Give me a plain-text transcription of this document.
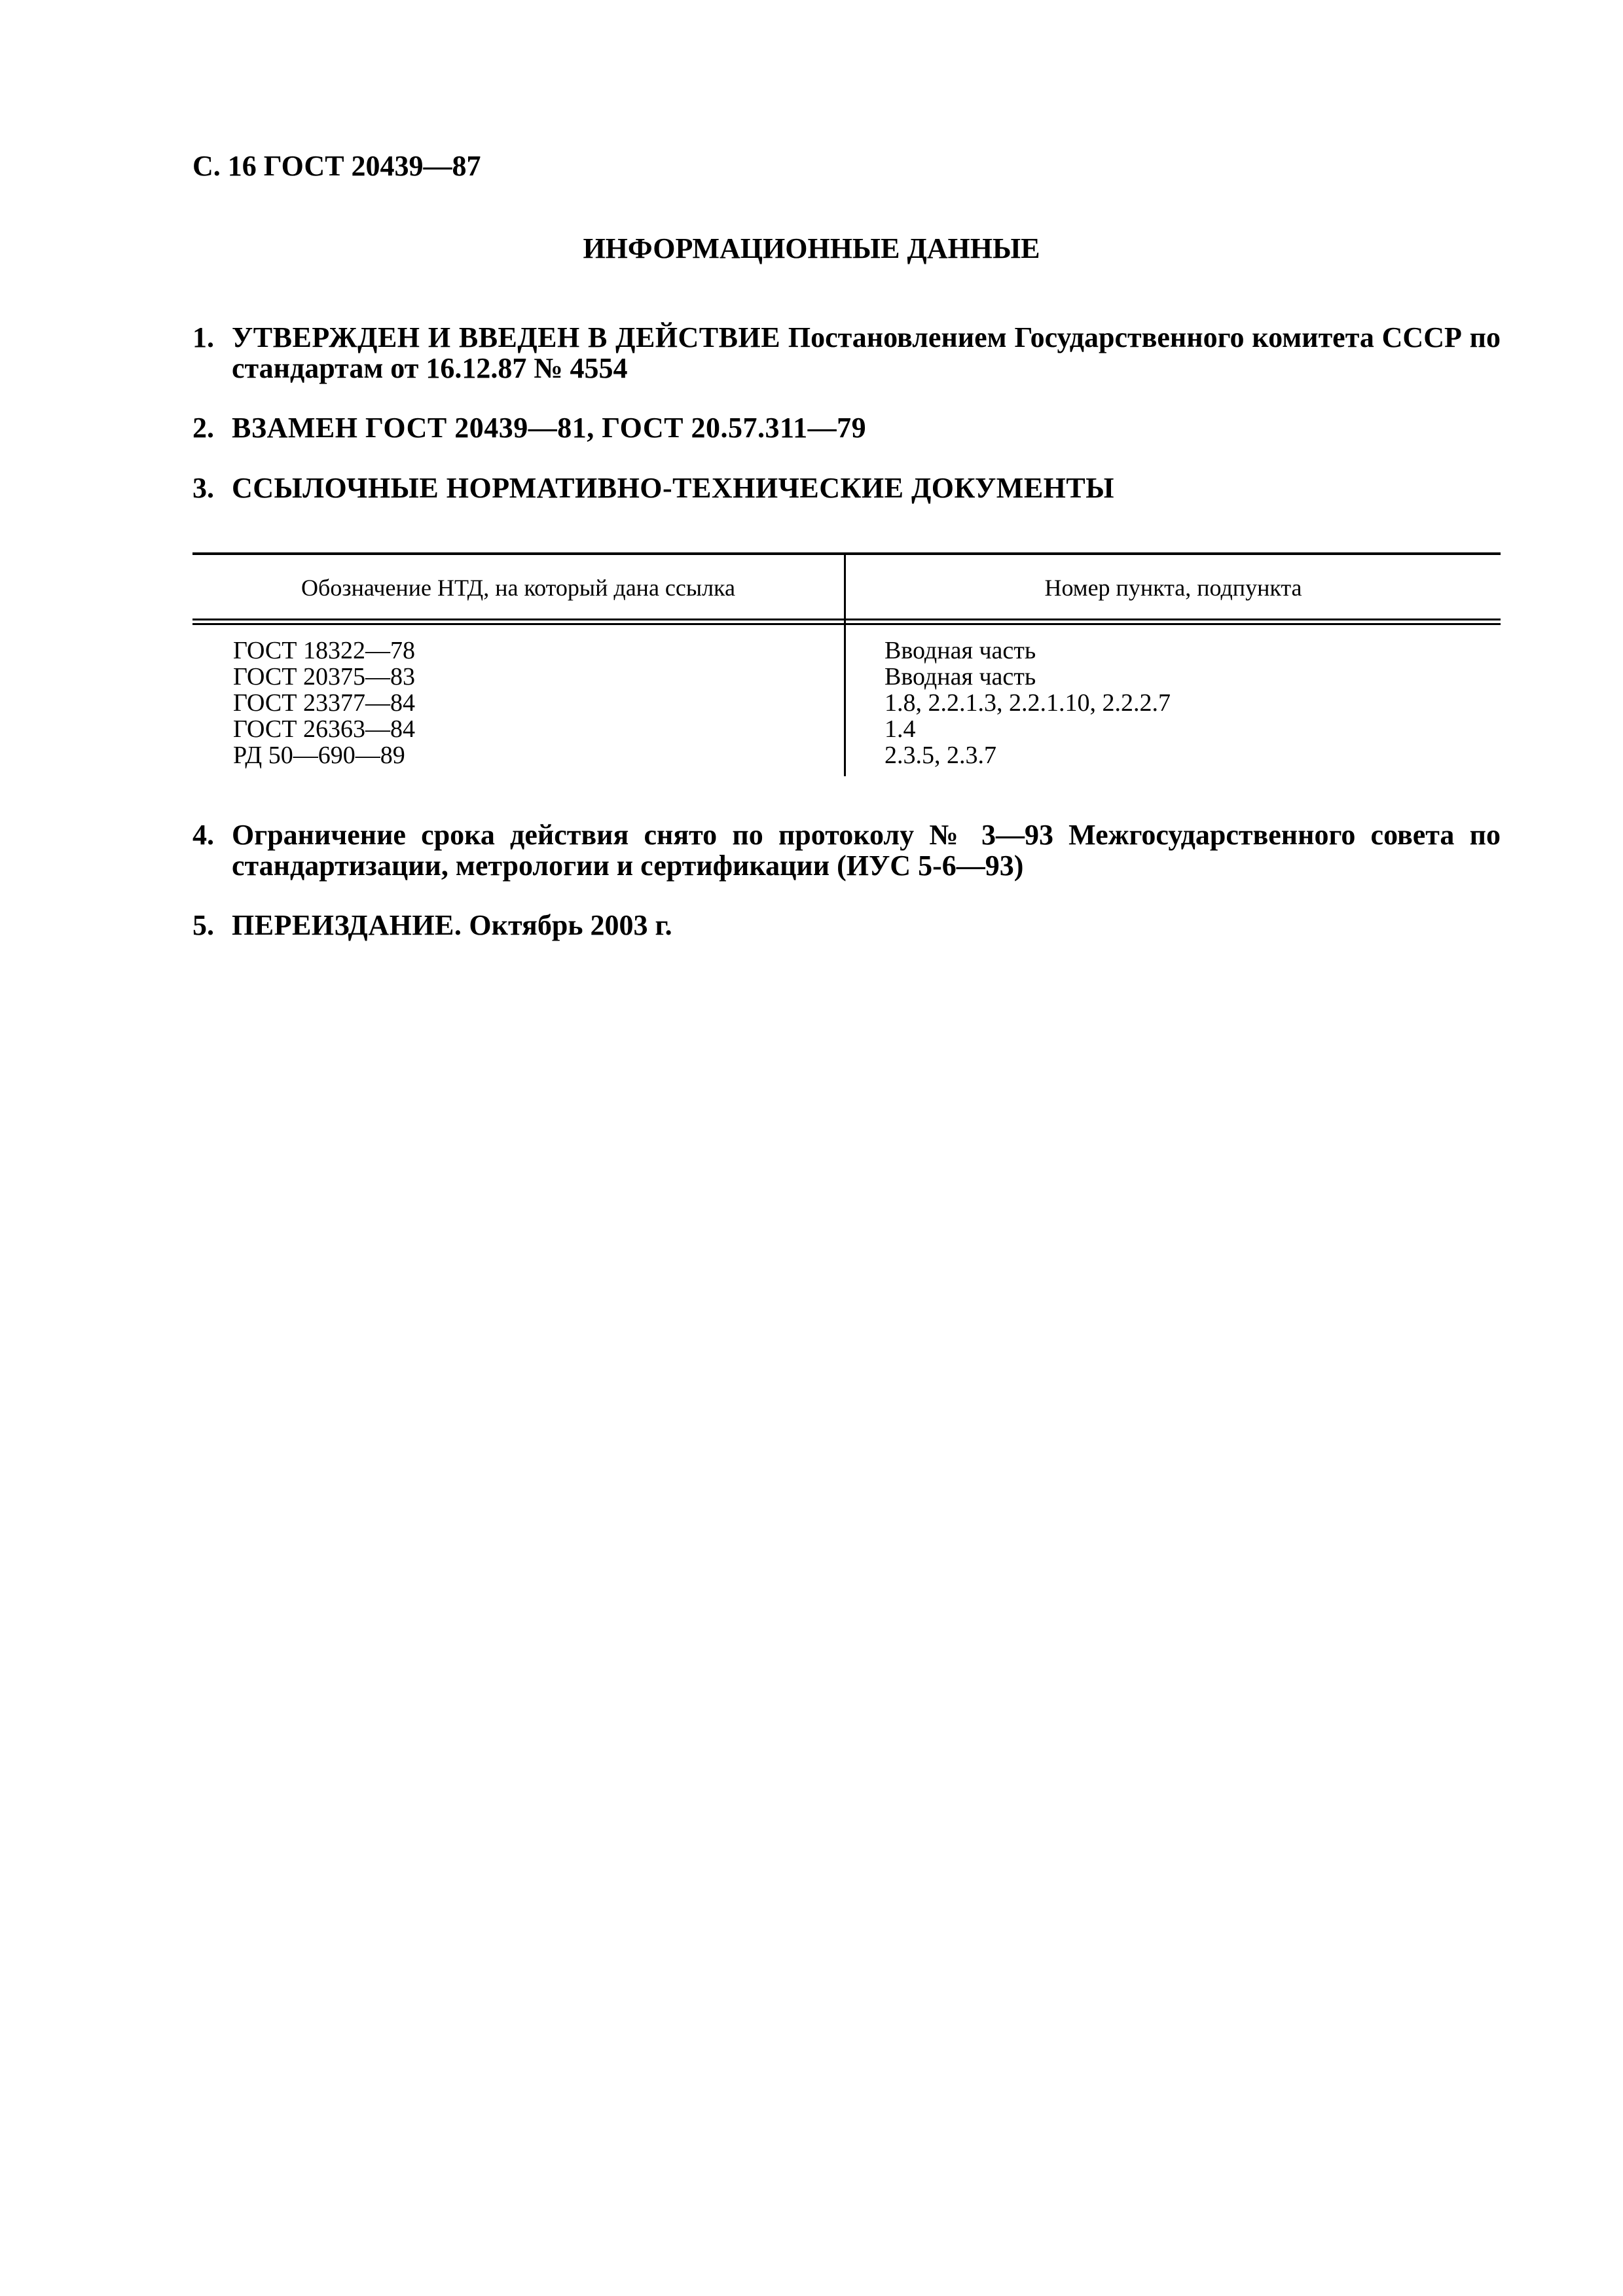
С. 16 ГОСТ 20439—87
ИНФОРМАЦИОННЫЕ ДАННЫЕ
1. УТВЕРЖДЕН И ВВЕДЕН В ДЕЙСТВИЕ Постановлением Государственного комитета СССР по стандартам от 16.12.87 № 4554
2. ВЗАМЕН ГОСТ 20439—81, ГОСТ 20.57.311—79
3. ССЫЛОЧНЫЕ НОРМАТИВНО-ТЕХНИЧЕСКИЕ ДОКУМЕНТЫ
Обозначение НТД, на который дана ссылка	Номер пункта, подпункта
ГОСТ 18322—78
ГОСТ 20375—83
ГОСТ 23377—84
ГОСТ 26363—84
РД 50—690—89
Вводная часть
Вводная часть
1.8, 2.2.1.3, 2.2.1.10, 2.2.2.7
1.4
2.3.5, 2.3.7
4. Ограничение срока действия снято по протоколу № 3—93 Межгосударственного совета по стандартизации, метрологии и сертификации (ИУС 5-6—93)
5. ПЕРЕИЗДАНИЕ. Октябрь 2003 г.
